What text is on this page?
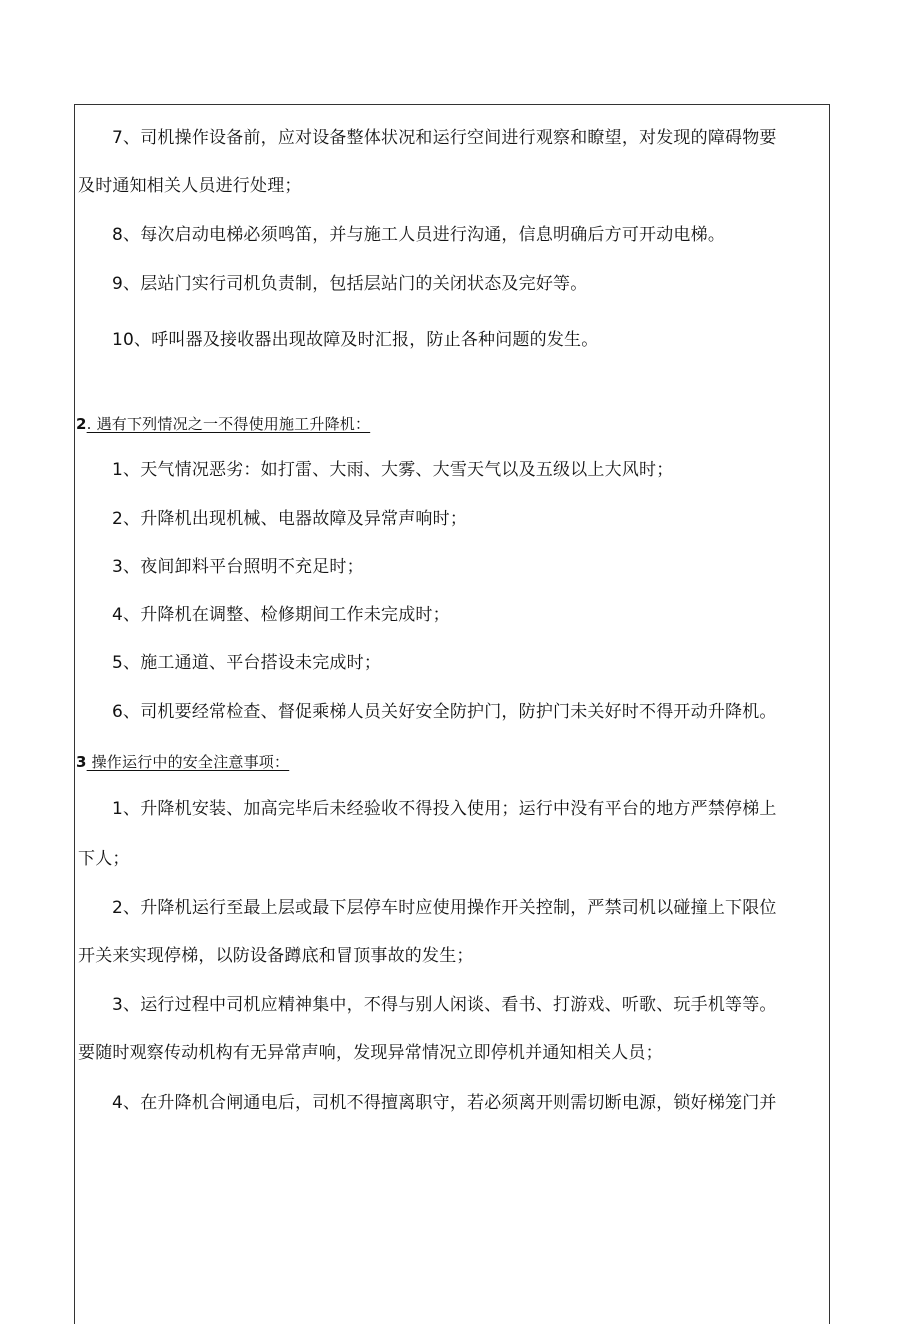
7、司机操作设备前，应对设备整体状况和运行空间进行观察和瞭望，对发现的障碍物要
及时通知相关人员进行处理；
8、每次启动电梯必须鸣笛，并与施工人员进行沟通，信息明确后方可开动电梯。
9、层站门实行司机负责制，包括层站门的关闭状态及完好等。
10、呼叫器及接收器出现故障及时汇报，防止各种问题的发生。
2. 遇有下列情况之一不得使用施工升降机：
1、天气情况恶劣：如打雷、大雨、大雾、大雪天气以及五级以上大风时；
2、升降机出现机械、电器故障及异常声响时；
3、夜间卸料平台照明不充足时；
4、升降机在调整、检修期间工作未完成时；
5、施工通道、平台搭设未完成时；
6、司机要经常检查、督促乘梯人员关好安全防护门，防护门未关好时不得开动升降机。
3 操作运行中的安全注意事项：
1、升降机安装、加高完毕后未经验收不得投入使用；运行中没有平台的地方严禁停梯上
下人；
2、升降机运行至最上层或最下层停车时应使用操作开关控制，严禁司机以碰撞上下限位
开关来实现停梯，以防设备蹲底和冒顶事故的发生；
3、运行过程中司机应精神集中，不得与别人闲谈、看书、打游戏、听歌、玩手机等等。
要随时观察传动机构有无异常声响，发现异常情况立即停机并通知相关人员；
4、在升降机合闸通电后，司机不得擅离职守，若必须离开则需切断电源，锁好梯笼门并
